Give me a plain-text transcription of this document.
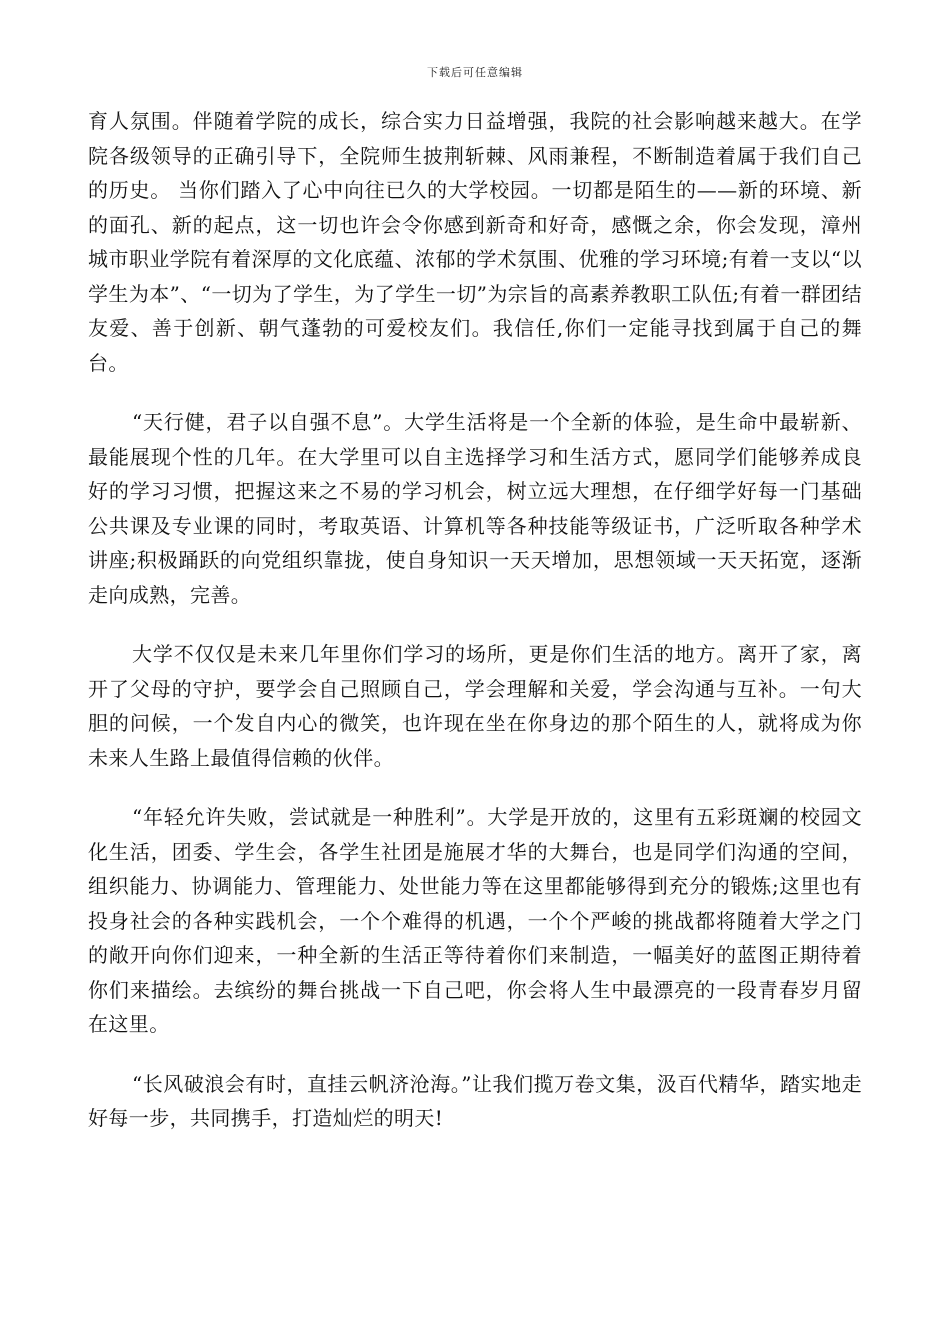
下载后可任意编辑

育人氛围。伴随着学院的成长，综合实力日益增强，我院的社会影响越来越大。在学院各级领导的正确引导下，全院师生披荆斩棘、风雨兼程，不断制造着属于我们自己的历史。 当你们踏入了心中向往已久的大学校园。一切都是陌生的——新的环境、新的面孔、新的起点，这一切也许会令你感到新奇和好奇，感慨之余，你会发现，漳州城市职业学院有着深厚的文化底蕴、浓郁的学术氛围、优雅的学习环境;有着一支以“以学生为本”、“一切为了学生，为了学生一切”为宗旨的高素养教职工队伍;有着一群团结友爱、善于创新、朝气蓬勃的可爱校友们。我信任,你们一定能寻找到属于自己的舞台。

“天行健，君子以自强不息”。大学生活将是一个全新的体验，是生命中最崭新、最能展现个性的几年。在大学里可以自主选择学习和生活方式，愿同学们能够养成良好的学习习惯，把握这来之不易的学习机会，树立远大理想，在仔细学好每一门基础公共课及专业课的同时，考取英语、计算机等各种技能等级证书，广泛听取各种学术讲座;积极踊跃的向党组织靠拢，使自身知识一天天增加，思想领域一天天拓宽，逐渐走向成熟，完善。

大学不仅仅是未来几年里你们学习的场所，更是你们生活的地方。离开了家，离开了父母的守护，要学会自己照顾自己，学会理解和关爱，学会沟通与互补。一句大胆的问候，一个发自内心的微笑，也许现在坐在你身边的那个陌生的人，就将成为你未来人生路上最值得信赖的伙伴。

“年轻允许失败，尝试就是一种胜利”。大学是开放的，这里有五彩斑斓的校园文化生活，团委、学生会，各学生社团是施展才华的大舞台，也是同学们沟通的空间，组织能力、协调能力、管理能力、处世能力等在这里都能够得到充分的锻炼;这里也有投身社会的各种实践机会，一个个难得的机遇，一个个严峻的挑战都将随着大学之门的敞开向你们迎来，一种全新的生活正等待着你们来制造，一幅美好的蓝图正期待着你们来描绘。去缤纷的舞台挑战一下自己吧，你会将人生中最漂亮的一段青春岁月留在这里。

“长风破浪会有时，直挂云帆济沧海。”让我们揽万卷文集，汲百代精华，踏实地走好每一步，共同携手，打造灿烂的明天!
